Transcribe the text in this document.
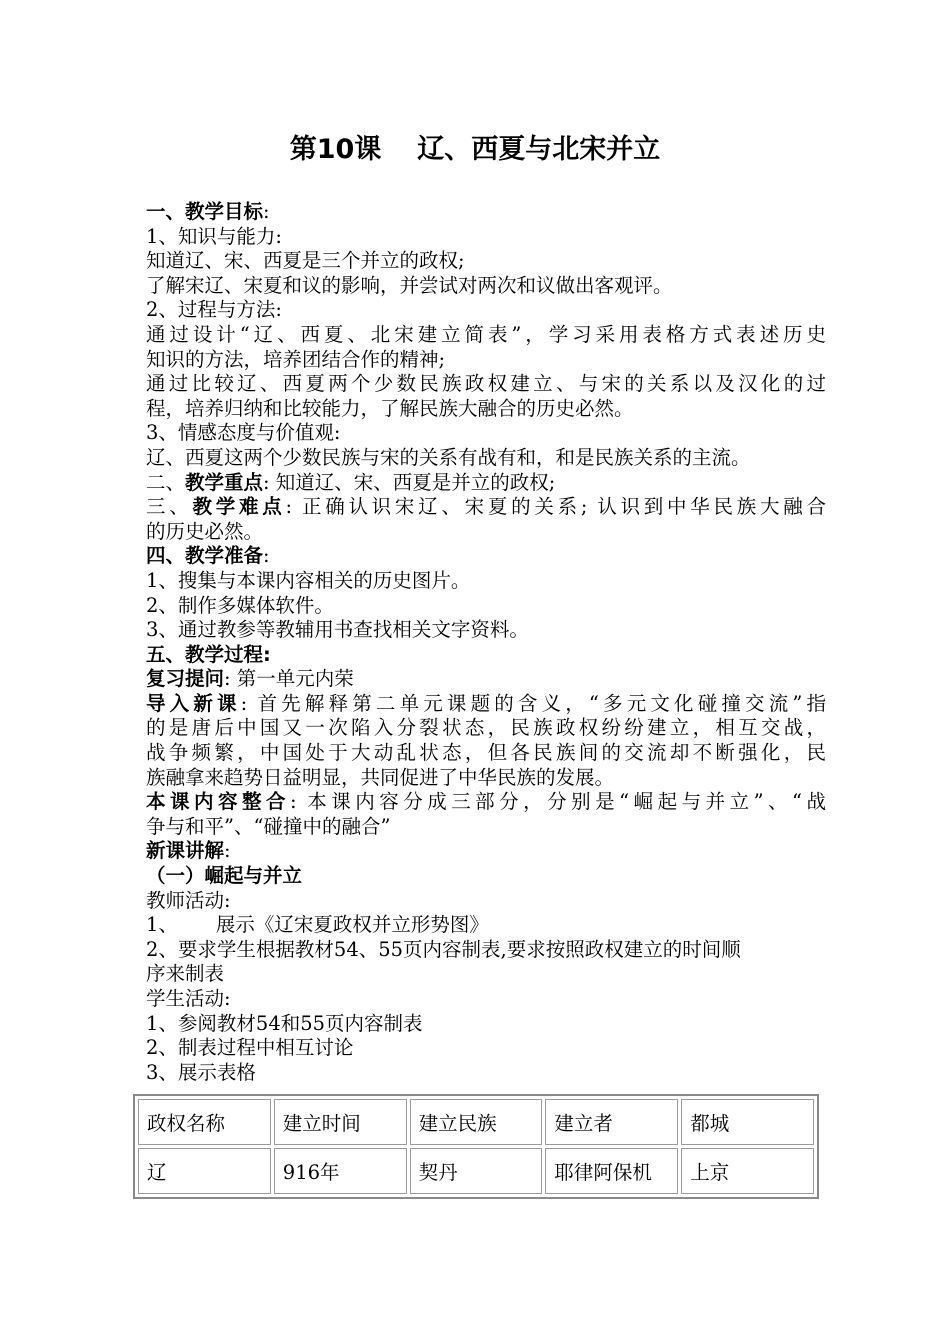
第10课 辽、西夏与北宋并立

一、教学目标:

1、知识与能力:

知道辽、宋、西夏是三个并立的政权;

了解宋辽、宋夏和议的影响，并尝试对两次和议做出客观评。

2、过程与方法:

通过设计“辽、西夏、北宋建立简表”，学习采用表格方式表述历史

知识的方法，培养团结合作的精神;

通过比较辽、西夏两个少数民族政权建立、与宋的关系以及汉化的过

程，培养归纳和比较能力，了解民族大融合的历史必然。

3、情感态度与价值观:

辽、西夏这两个少数民族与宋的关系有战有和，和是民族关系的主流。

二、教学重点: 知道辽、宋、西夏是并立的政权;

三、教学难点: 正确认识宋辽、宋夏的关系; 认识到中华民族大融合

的历史必然。

四、教学准备:

1、搜集与本课内容相关的历史图片。

2、制作多媒体软件。

3、通过教参等教辅用书查找相关文字资料。

五、教学过程:

复习提问: 第一单元内荣

导入新课: 首先解释第二单元课题的含义，“多元文化碰撞交流”指

的是唐后中国又一次陷入分裂状态，民族政权纷纷建立，相互交战，

战争频繁，中国处于大动乱状态，但各民族间的交流却不断强化，民

族融拿来趋势日益明显，共同促进了中华民族的发展。

本课内容整合: 本课内容分成三部分，分别是“崛起与并立”、“战

争与和平”、“碰撞中的融合”

新课讲解:

（一）崛起与并立

教师活动:

1、 展示《辽宋夏政权并立形势图》

2、要求学生根据教材54、55页内容制表,要求按照政权建立的时间顺

序来制表

学生活动:

1、参阅教材54和55页内容制表

2、制表过程中相互讨论

3、展示表格

政权名称	建立时间	建立民族	建立者	都城
辽	916年	契丹	耶律阿保机	上京
